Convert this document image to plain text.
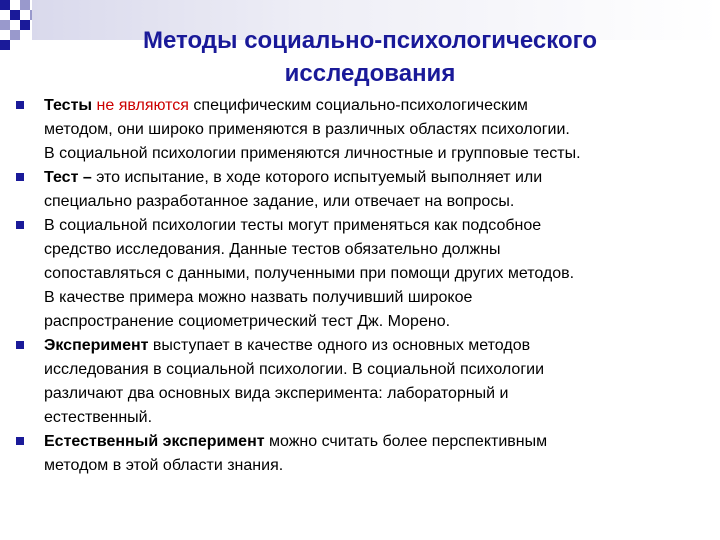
Методы социально-психологического
исследования
Тесты не являются специфическим социально-психологическим
методом, они широко применяются в различных областях психологии.
В социальной психологии применяются личностные и групповые тесты.
Тест – это испытание, в ходе которого испытуемый выполняет или
специально разработанное задание, или отвечает на вопросы.
В социальной психологии тесты могут применяться как подсобное
средство исследования. Данные тестов обязательно должны
сопоставляться с данными, полученными при помощи других методов.
В качестве примера можно назвать получивший широкое
распространение социометрический тест Дж. Морено.
Эксперимент выступает в качестве одного из основных методов
исследования в социальной психологии. В социальной психологии
различают два основных вида эксперимента: лабораторный и
естественный.
Естественный эксперимент можно считать более перспективным
методом в этой области знания.
